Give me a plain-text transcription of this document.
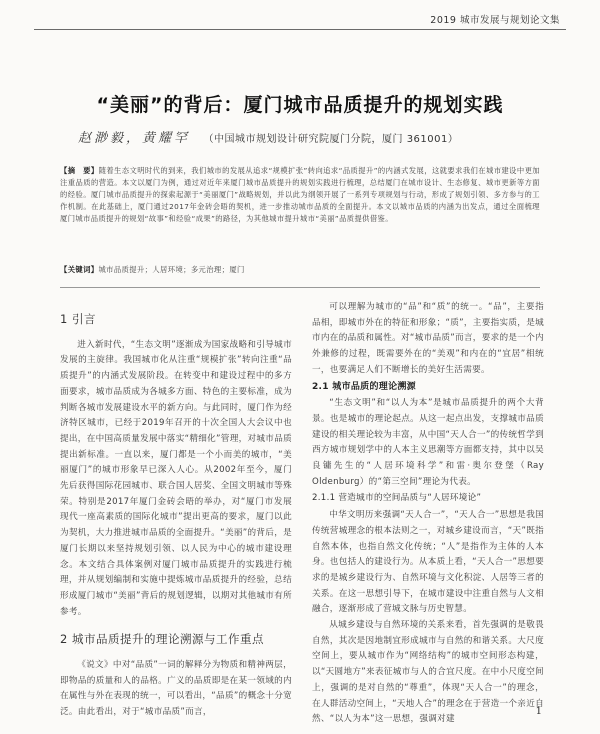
2019 城市发展与规划论文集
“美丽”的背后：厦门城市品质提升的规划实践
赵渺毅，黄耀罕 （中国城市规划设计研究院厦门分院，厦门 361001）
【摘　要】随着生态文明时代的到来，我们城市的发展从追求“规模扩张”转向追求“品质提升”的内涵式发展，这就要求我们在城市建设中更加注重品质的营造。本文以厦门为例，通过对近年来厦门城市品质提升的规划实践进行梳理，总结厦门在城市设计、生态修复、城市更新等方面的经验。厦门城市品质提升的探索起源于“美丽厦门”战略规划，并以此为纲领开展了一系列专项规划与行动，形成了规划引领、多方参与的工作机制。在此基础上，厦门通过2017年金砖会晤的契机，进一步推动城市品质的全面提升。本文以城市品质的内涵为出发点，通过全面梳理厦门城市品质提升的规划“故事”和经验“成果”的路径，为其他城市提升城市“美丽”品质提供借鉴。
【关键词】城市品质提升；人居环境；多元治理；厦门
1 引言

进入新时代，“生态文明”逐渐成为国家战略和引导城市发展的主旋律。我国城市化从注重“规模扩张”转向注重“品质提升”的内涵式发展阶段。在转变中和建设过程中的多方面要求，城市品质成为各城多方面、特色的主要标准，成为判断各城市发展建设水平的新方向。与此同时，厦门作为经济特区城市，已经于2019年召开的十次全国人大会议中也提出，在中国高质量发展中落实“精细化”管理，对城市品质提出新标准。一直以来，厦门都是一个小而美的城市，“美丽厦门”的城市形象早已深入人心。从2002年至今，厦门先后获得国际花园城市、联合国人居奖、全国文明城市等殊荣。特别是2017年厦门金砖会晤的举办，对“厦门市发展现代一座高素质的国际化城市”提出更高的要求，厦门以此为契机，大力推进城市品质的全面提升。“美丽”的背后，是厦门长期以来坚持规划引领、以人民为中心的城市建设理念。本文结合具体案例对厦门城市品质提升的实践进行梳理，并从规划编制和实施中提炼城市品质提升的经验，总结形成厦门城市“美丽”背后的规划逻辑，以期对其他城市有所参考。

2 城市品质提升的理论溯源与工作重点

《说文》中对“品质”一词的解释分为物质和精神两层，即物品的质量和人的品格。广义的品质即是在某一领域的内在属性与外在表现的统一，可以看出，“品质”的概念十分宽泛。由此看出，对于“城市品质”而言，

可以理解为城市的“品”和“质”的统一。“品”，主要指品相，即城市外在的特征和形象；“质”，主要指实质，是城市内在的品质和属性。对“城市品质”而言，要求的是一个内外兼修的过程，既需要外在的“美观”和内在的“宜居”相统一，也要满足人们不断增长的美好生活需要。

2.1 城市品质的理论溯源

“生态文明”和“以人为本”是城市品质提升的两个大背景。也是城市的理论起点。从这一起点出发，支撑城市品质建设的相关理论较为丰富，从中国“天人合一”的传统哲学到西方城市规划学中的人本主义思潮等方面都支持，其中以吴良镛先生的“人居环境科学”和雷·奥尔登堡（Ray Oldenburg）的“第三空间”理论为代表。

2.1.1 营造城市的空间品质与“人居环境论”

中华文明历来强调“天人合一”，“天人合一”思想是我国传统营城理念的根本法则之一，对城乡建设而言，“天”既指自然本体，也指自然文化传统；“人”是指作为主体的人本身。也包括人的建设行为。从本质上看，“天人合一”思想要求的是城乡建设行为、自然环境与文化积淀、人居等三者的关系。在这一思想引导下，在城市建设中注重自然与人文相融合，逐渐形成了营城文脉与历史智慧。

从城乡建设与自然环境的关系来看，首先强调的是敬畏自然，其次是因地制宜形成城市与自然的和谐关系。大尺度空间上，要从城市作为“网络结构”的城市空间形态构建，以“天圆地方”来表征城市与人的合宜尺度。在中小尺度空间上，强调的是对自然的“尊重”，体现“天人合一”的理念，在人群活动空间上，“天地人合”的理念在于营造一个亲近自然、“以人为本”这一思想，强调对建

1
